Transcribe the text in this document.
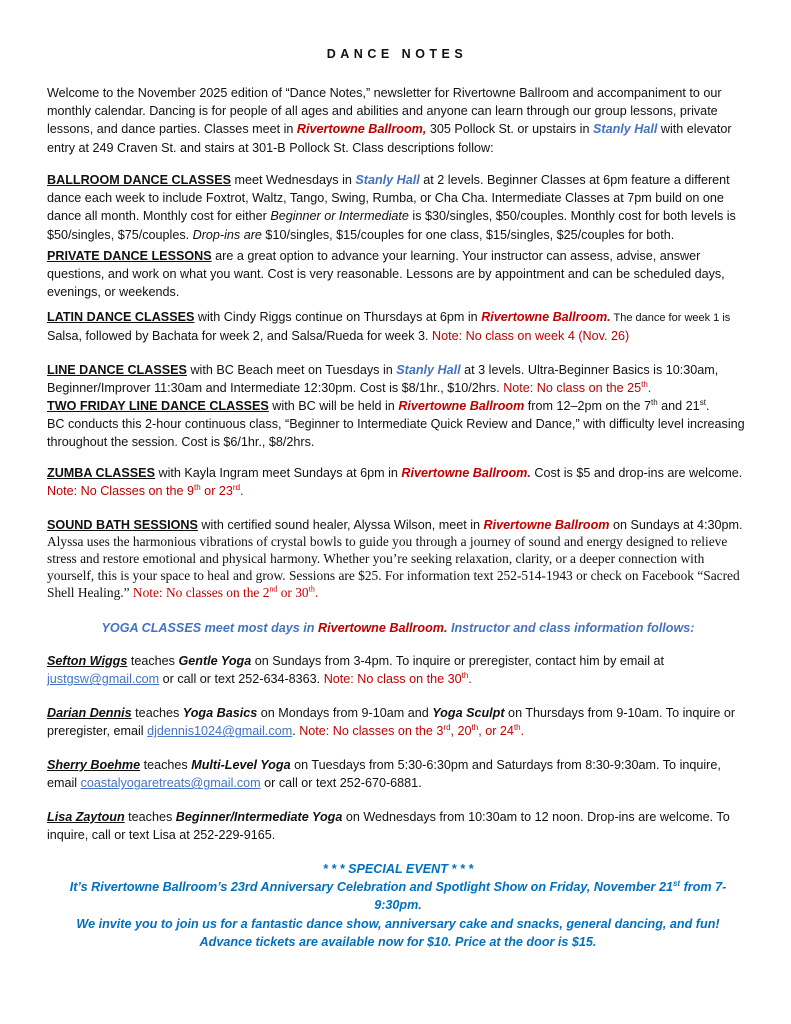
DANCE NOTES
Welcome to the November 2025 edition of “Dance Notes,” newsletter for Rivertowne Ballroom and accompaniment to our monthly calendar. Dancing is for people of all ages and abilities and anyone can learn through our group lessons, private lessons, and dance parties. Classes meet in Rivertowne Ballroom, 305 Pollock St. or upstairs in Stanly Hall with elevator entry at 249 Craven St. and stairs at 301-B Pollock St. Class descriptions follow:
BALLROOM DANCE CLASSES meet Wednesdays in Stanly Hall at 2 levels. Beginner Classes at 6pm feature a different dance each week to include Foxtrot, Waltz, Tango, Swing, Rumba, or Cha Cha. Intermediate Classes at 7pm build on one dance all month. Monthly cost for either Beginner or Intermediate is $30/singles, $50/couples. Monthly cost for both levels is $50/singles, $75/couples. Drop-ins are $10/singles, $15/couples for one class, $15/singles, $25/couples for both.
PRIVATE DANCE LESSONS are a great option to advance your learning. Your instructor can assess, advise, answer questions, and work on what you want. Cost is very reasonable. Lessons are by appointment and can be scheduled days, evenings, or weekends.
LATIN DANCE CLASSES with Cindy Riggs continue on Thursdays at 6pm in Rivertowne Ballroom. The dance for week 1 is
Salsa, followed by Bachata for week 2, and Salsa/Rueda for week 3. Note: No class on week 4 (Nov. 26)
LINE DANCE CLASSES with BC Beach meet on Tuesdays in Stanly Hall at 3 levels. Ultra-Beginner Basics is 10:30am, Beginner/Improver 11:30am and Intermediate 12:30pm. Cost is $8/1hr., $10/2hrs. Note: No class on the 25th.
TWO FRIDAY LINE DANCE CLASSES with BC will be held in Rivertowne Ballroom from 12–2pm on the 7th and 21st.
BC conducts this 2-hour continuous class, “Beginner to Intermediate Quick Review and Dance,” with difficulty level increasing throughout the session. Cost is $6/1hr., $8/2hrs.
ZUMBA CLASSES with Kayla Ingram meet Sundays at 6pm in Rivertowne Ballroom. Cost is $5 and drop-ins are welcome.
Note: No Classes on the 9th or 23rd.
SOUND BATH SESSIONS with certified sound healer, Alyssa Wilson, meet in Rivertowne Ballroom on Sundays at 4:30pm.
Alyssa uses the harmonious vibrations of crystal bowls to guide you through a journey of sound and energy designed to relieve stress and restore emotional and physical harmony. Whether you’re seeking relaxation, clarity, or a deeper connection with yourself, this is your space to heal and grow. Sessions are $25. For information text 252-514-1943 or check on Facebook “Sacred Shell Healing.” Note: No classes on the 2nd or 30th.
YOGA CLASSES meet most days in Rivertowne Ballroom. Instructor and class information follows:
Sefton Wiggs teaches Gentle Yoga on Sundays from 3-4pm. To inquire or preregister, contact him by email at
justgsw@gmail.com or call or text 252-634-8363. Note: No class on the 30th.
Darian Dennis teaches Yoga Basics on Mondays from 9-10am and Yoga Sculpt on Thursdays from 9-10am. To inquire or preregister, email djdennis1024@gmail.com. Note: No classes on the 3rd, 20th, or 24th.
Sherry Boehme teaches Multi-Level Yoga on Tuesdays from 5:30-6:30pm and Saturdays from 8:30-9:30am. To inquire, email coastalyogaretreats@gmail.com or call or text 252-670-6881.
Lisa Zaytoun teaches Beginner/Intermediate Yoga on Wednesdays from 10:30am to 12 noon. Drop-ins are welcome. To inquire, call or text Lisa at 252-229-9165.
* * * SPECIAL EVENT * * *
It’s Rivertowne Ballroom’s 23rd Anniversary Celebration and Spotlight Show on Friday, November 21st from 7-9:30pm.
We invite you to join us for a fantastic dance show, anniversary cake and snacks, general dancing, and fun!
Advance tickets are available now for $10. Price at the door is $15.
